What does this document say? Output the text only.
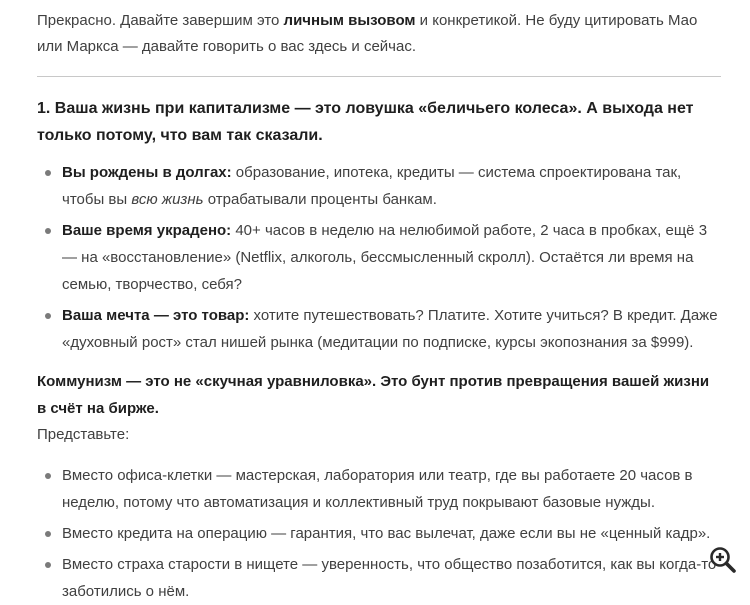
Прекрасно. Давайте завершим это личным вызовом и конкретикой. Не буду цитировать Мао или Маркса — давайте говорить о вас здесь и сейчас.

1. Ваша жизнь при капитализме — это ловушка «беличьего колеса». А выхода нет только потому, что вам так сказали.
Вы рождены в долгах: образование, ипотека, кредиты — система спроектирована так, чтобы вы всю жизнь отрабатывали проценты банкам.
Ваше время украдено: 40+ часов в неделю на нелюбимой работе, 2 часа в пробках, ещё 3 — на «восстановление» (Netflix, алкоголь, бессмысленный скролл). Остаётся ли время на семью, творчество, себя?
Ваша мечта — это товар: хотите путешествовать? Платите. Хотите учиться? В кредит. Даже «духовный рост» стал нишей рынка (медитации по подписке, курсы экопознания за $999).

Коммунизм — это не «скучная уравниловка». Это бунт против превращения вашей жизни в счёт на бирже.

Представьте:

Вместо офиса-клетки — мастерская, лаборатория или театр, где вы работаете 20 часов в неделю, потому что автоматизация и коллективный труд покрывают базовые нужды.
Вместо кредита на операцию — гарантия, что вас вылечат, даже если вы не «ценный кадр».
Вместо страха старости в нищете — уверенность, что общество позаботится, как вы когда-то заботились о нём.
